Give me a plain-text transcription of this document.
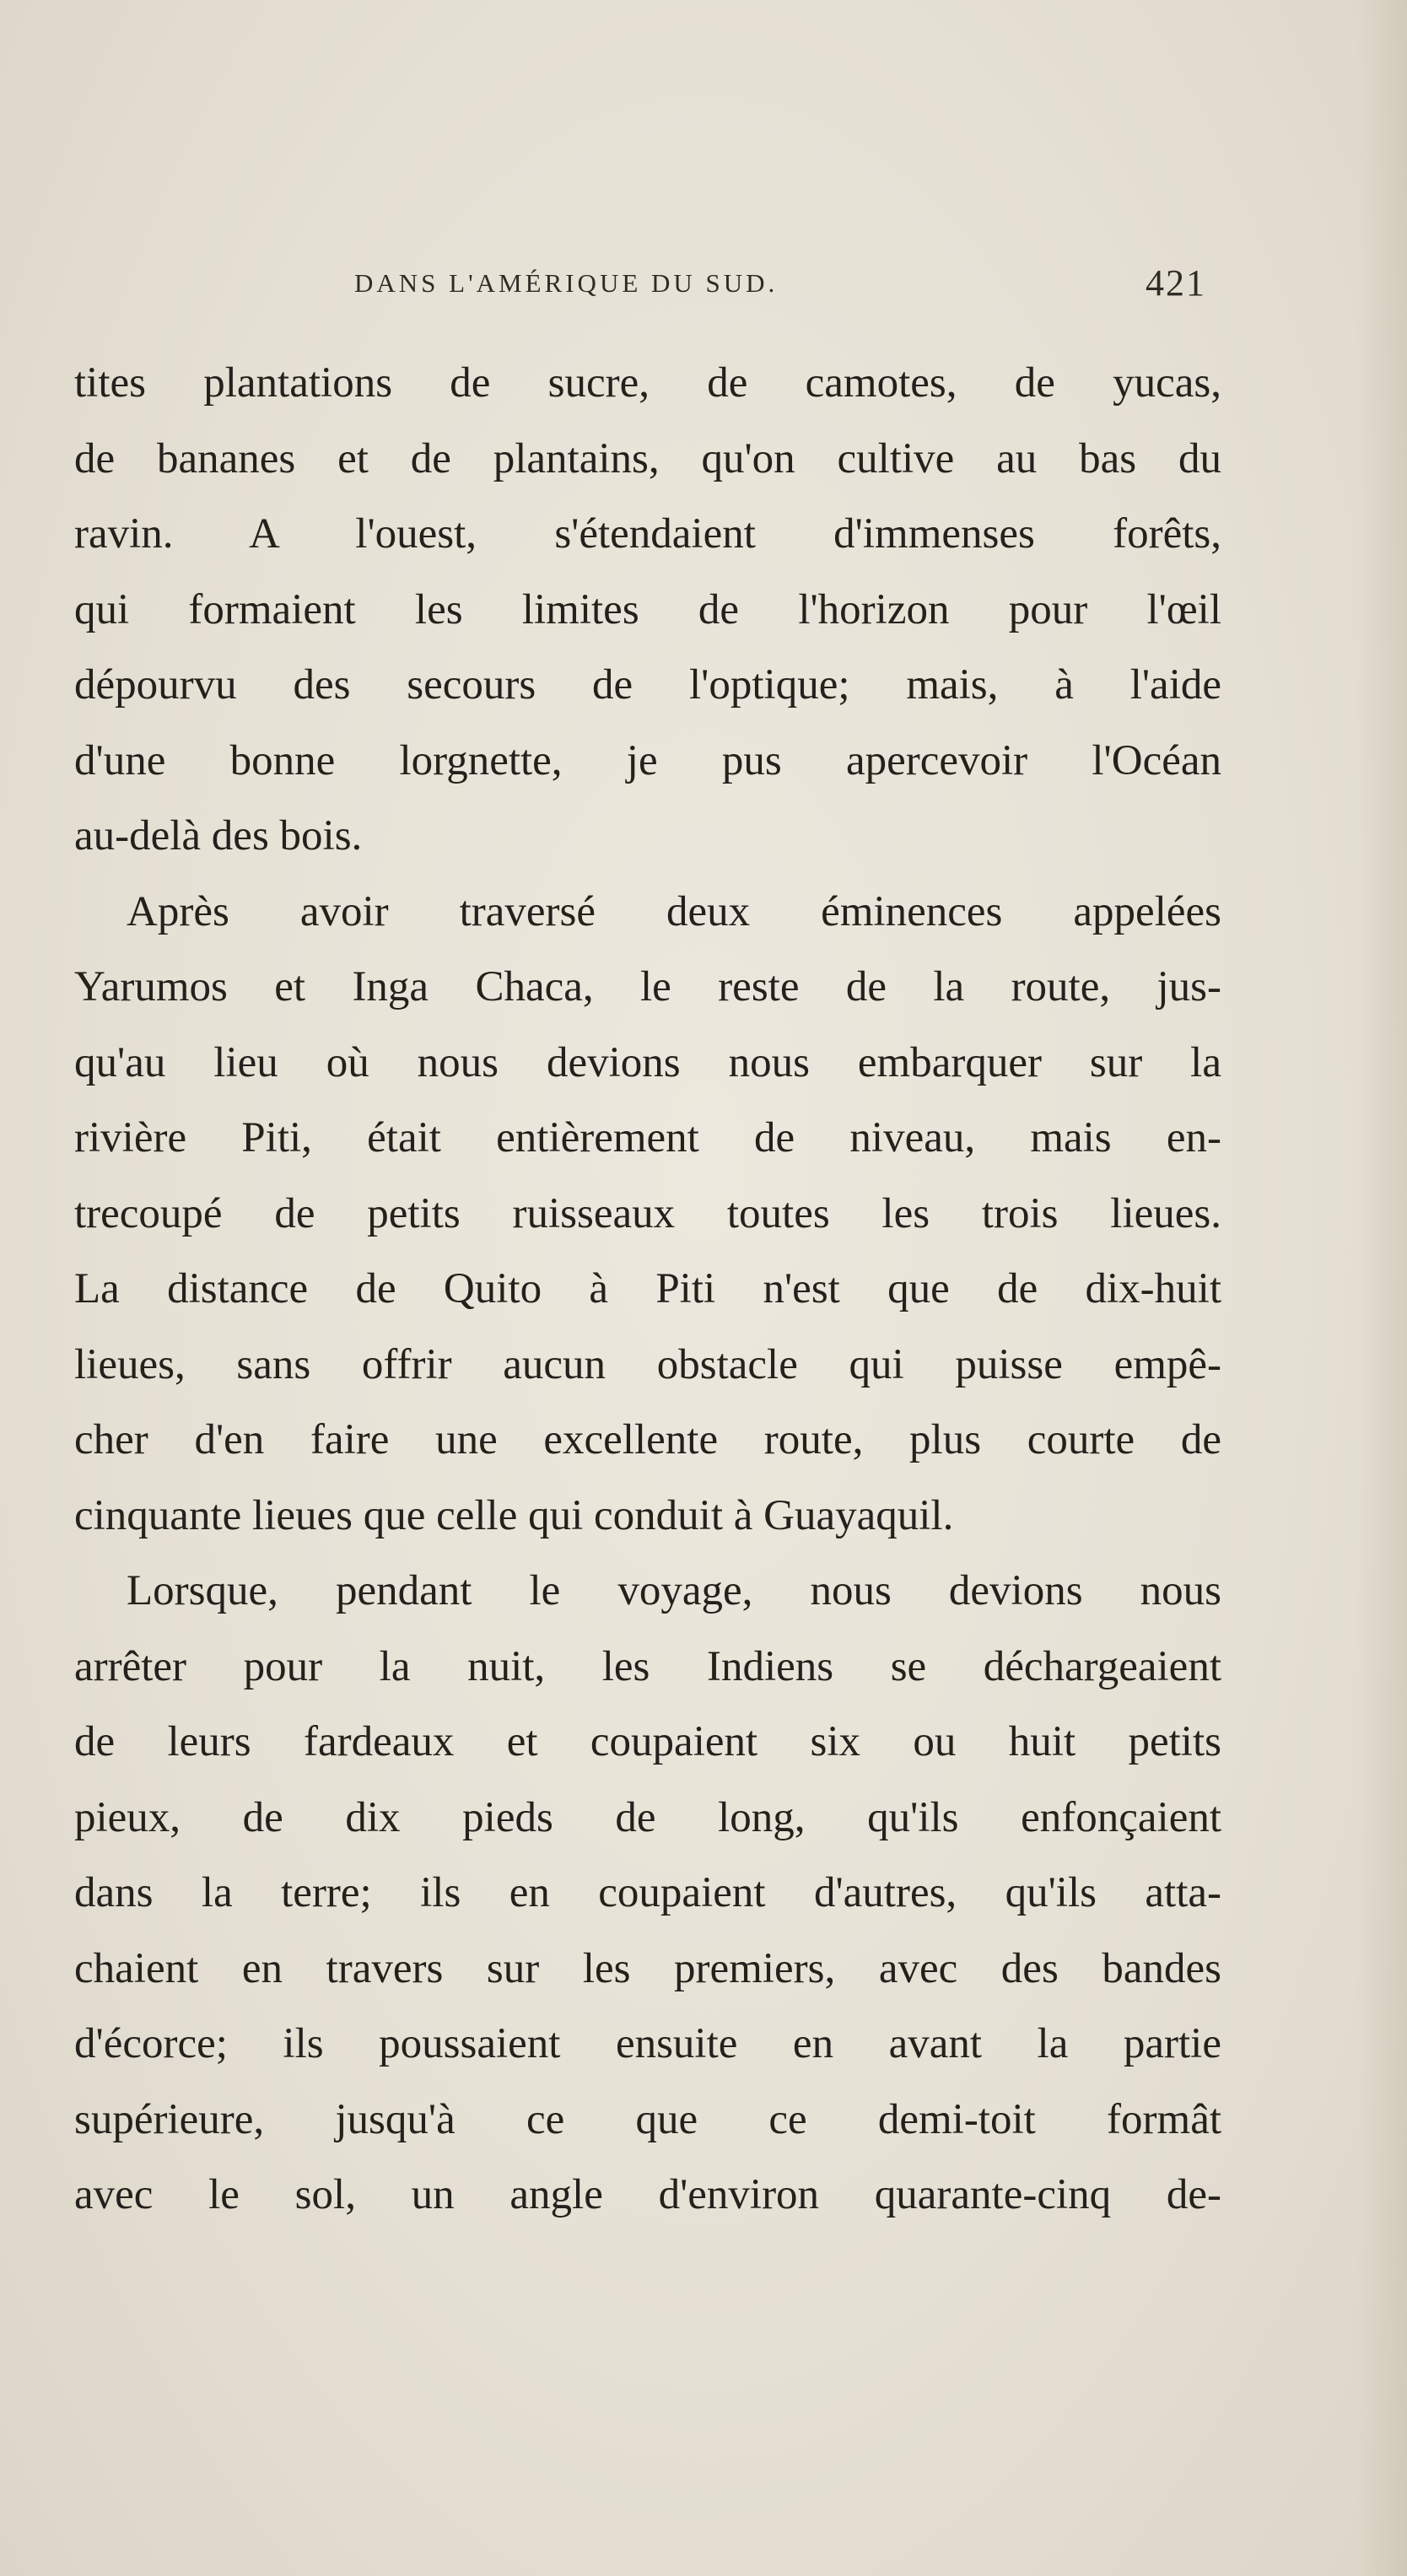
DANS L'AMÉRIQUE DU SUD.	421
tites plantations de sucre, de camotes, de yucas,
de bananes et de plantains, qu'on cultive au bas du
ravin. A l'ouest, s'étendaient d'immenses forêts,
qui formaient les limites de l'horizon pour l'œil
dépourvu des secours de l'optique; mais, à l'aide
d'une bonne lorgnette, je pus apercevoir l'Océan
au-delà des bois.
Après avoir traversé deux éminences appelées
Yarumos et Inga Chaca, le reste de la route, jus-
qu'au lieu où nous devions nous embarquer sur la
rivière Piti, était entièrement de niveau, mais en-
trecoupé de petits ruisseaux toutes les trois lieues.
La distance de Quito à Piti n'est que de dix-huit
lieues, sans offrir aucun obstacle qui puisse empê-
cher d'en faire une excellente route, plus courte de
cinquante lieues que celle qui conduit à Guayaquil.
Lorsque, pendant le voyage, nous devions nous
arrêter pour la nuit, les Indiens se déchargeaient
de leurs fardeaux et coupaient six ou huit petits
pieux, de dix pieds de long, qu'ils enfonçaient
dans la terre; ils en coupaient d'autres, qu'ils atta-
chaient en travers sur les premiers, avec des bandes
d'écorce; ils poussaient ensuite en avant la partie
supérieure, jusqu'à ce que ce demi-toit formât
avec le sol, un angle d'environ quarante-cinq de-
